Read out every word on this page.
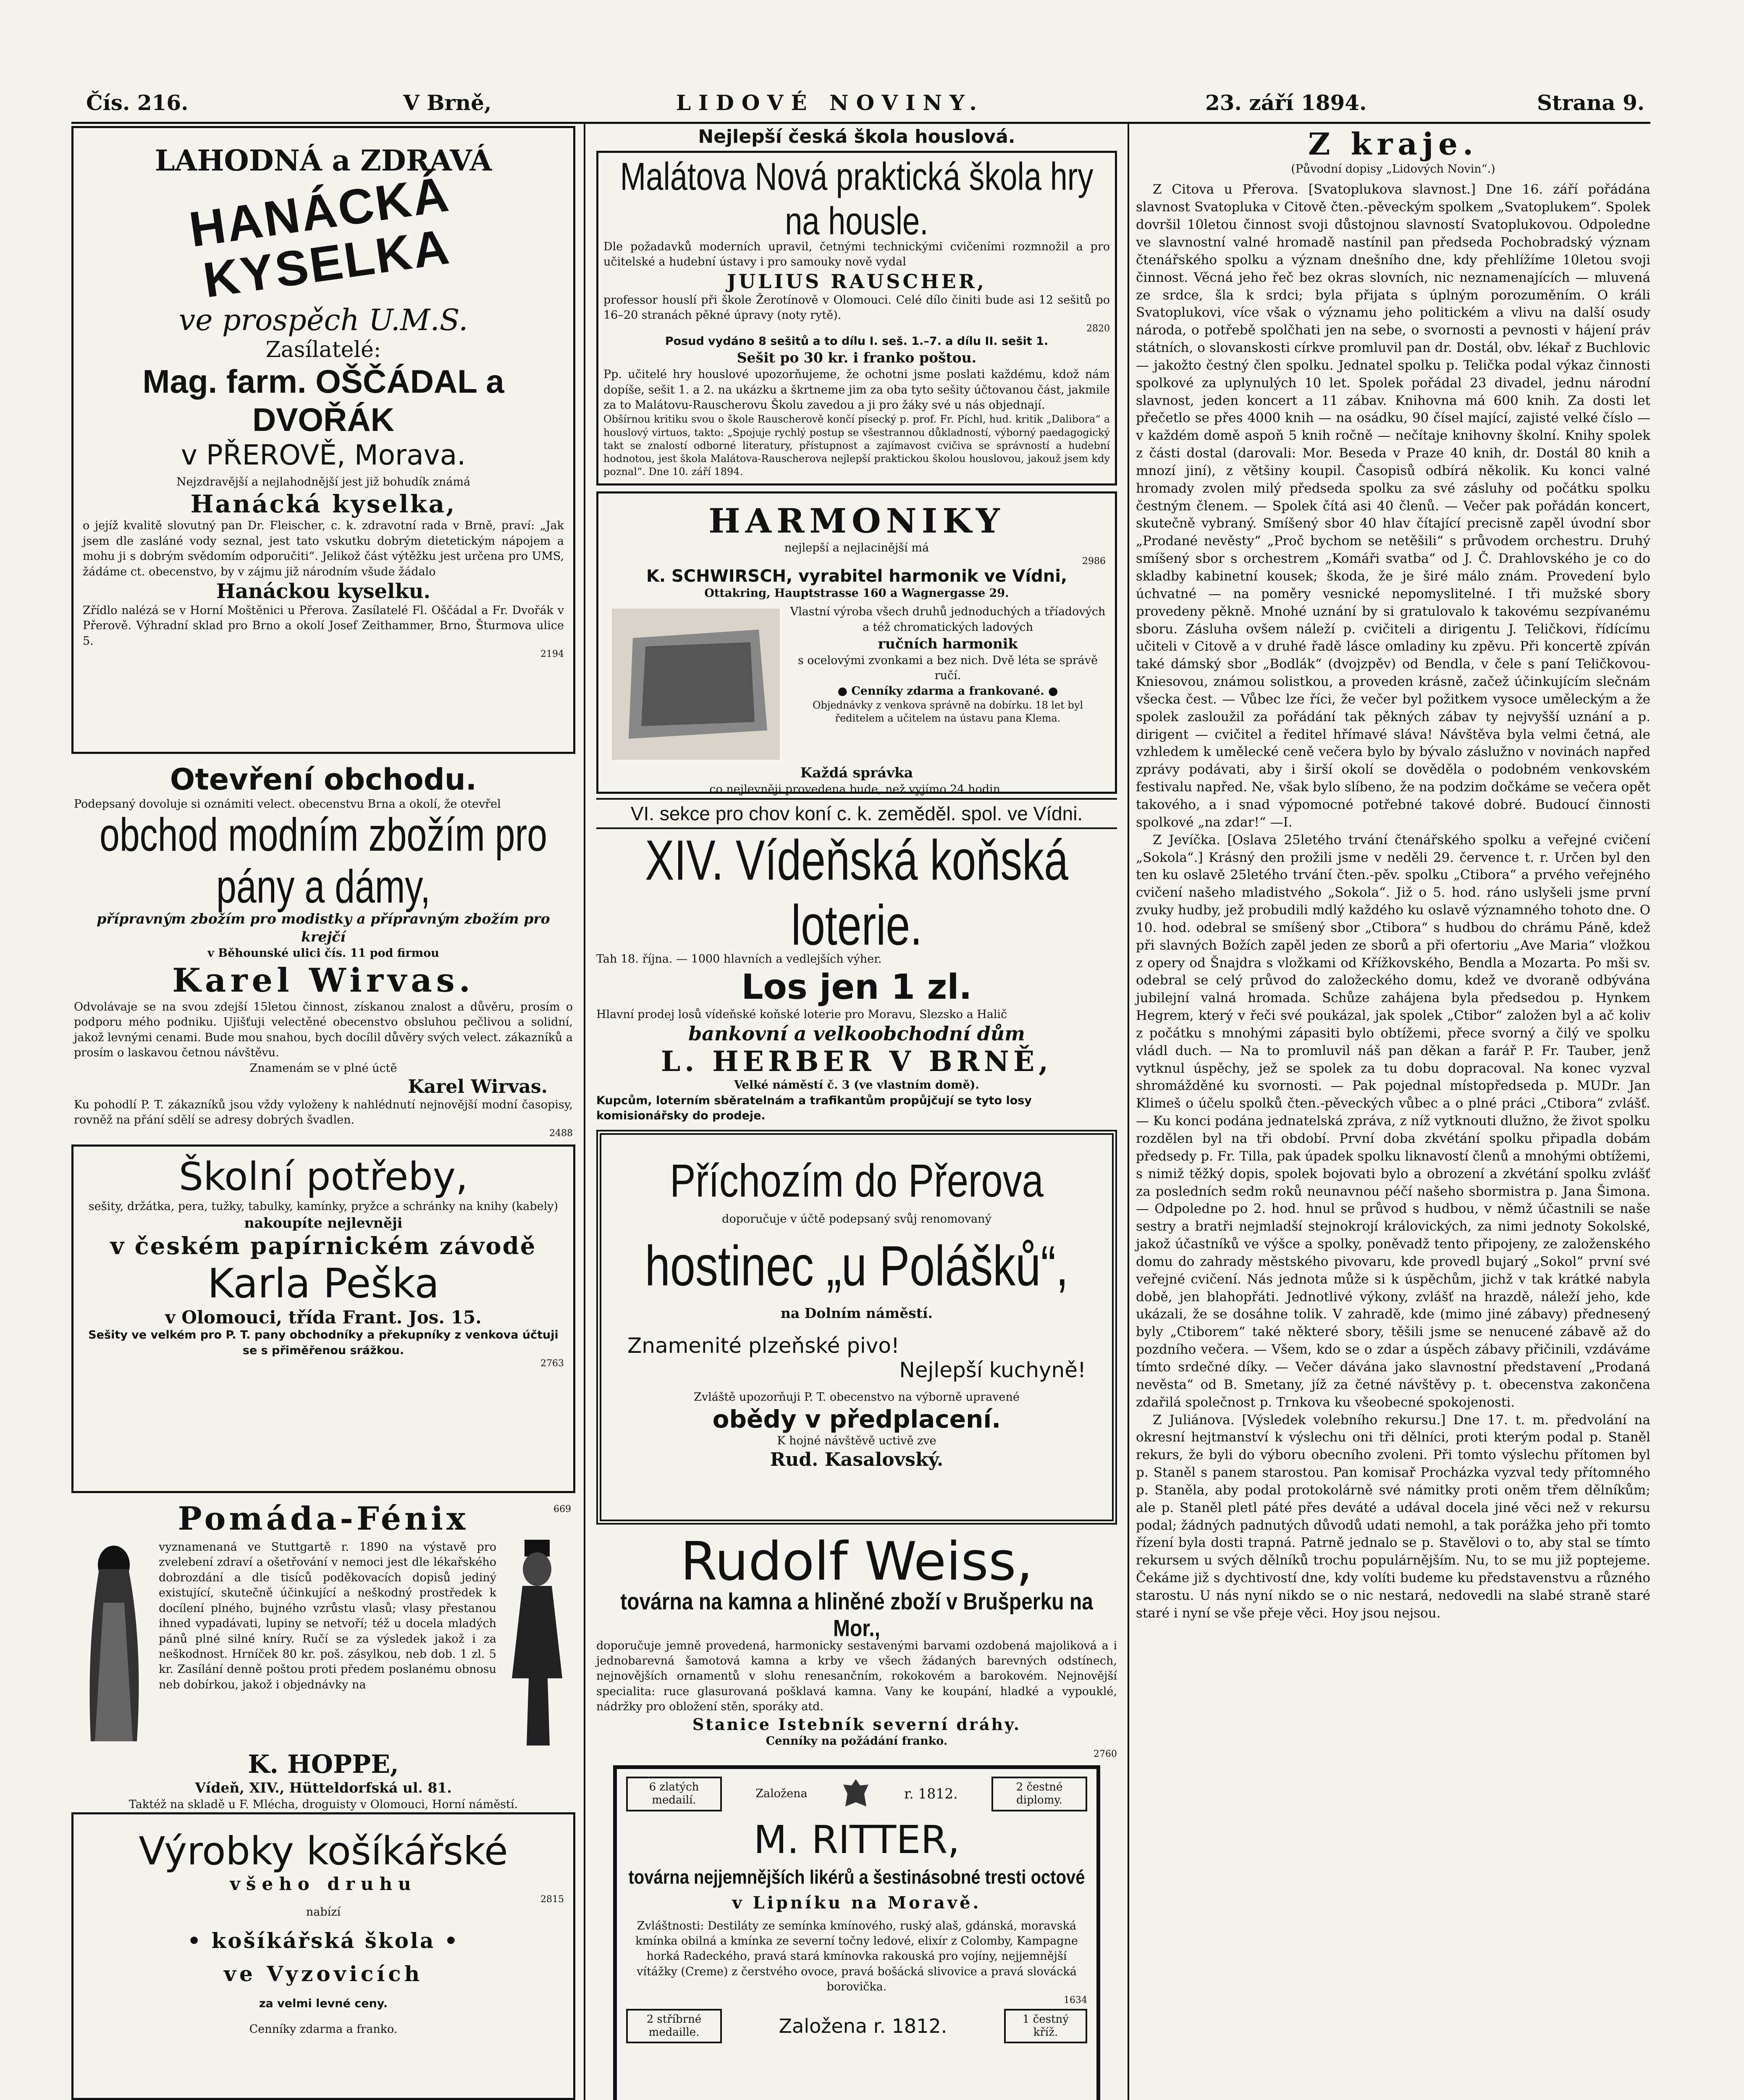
Čís. 216.	V Brně,	LIDOVÉ NOVINY.	23. září 1894.	Strana 9.
LAHODNÁ a ZDRAVÁ
HANÁCKÁ KYSELKA
ve prospěch U.M.S.
Zasílatelé:
Mag. farm. OŠČÁDAL a DVOŘÁK
v PŘEROVĚ, Morava.
Nejzdravější a nejlahodnější jest již bohudík známá
Hanácká kyselka,
o jejíž kvalitě slovutný pan Dr. Fleischer, c. k. zdravotní rada v Brně, praví: „Jak jsem dle zasláné vody seznal, jest tato vskutku dobrým dietetickým nápojem a mohu ji s dobrým svědomím odporučiti“. Jelikož část výtěžku jest určena pro UMS, žádáme ct. obecenstvo, by v zájmu již národním všude žádalo
Hanáckou kyselku.
Zřídlo nalézá se v Horní Moštěnici u Přerova. Zasílatelé Fl. Oščádal a Fr. Dvořák v Přerově. Výhradní sklad pro Brno a okolí Josef Zeithammer, Brno, Šturmova ulice 5.
2194
Otevření obchodu.
Podepsaný dovoluje si oznámiti velect. obecenstvu Brna a okolí, že otevřel
obchod modním zbožím pro pány a dámy,
přípravným zbožím pro modistky a přípravným zbožím pro krejčí
v Běhounské ulici čís. 11 pod firmou
Karel Wirvas.
Odvolávaje se na svou zdejší 15letou činnost, získanou znalost a důvěru, prosím o podporu mého podniku. Ujišťuji velectěné obecenstvo obsluhou pečlivou a solidní, jakož levnými cenami. Bude mou snahou, bych docílil důvěry svých velect. zákazníků a prosím o laskavou četnou návštěvu.
Znamenám se v plné úctě
Karel Wirvas.
Ku pohodlí P. T. zákazníků jsou vždy vyloženy k nahlédnutí nejnovější modní časopisy, rovněž na přání sdělí se adresy dobrých švadlen.
2488
Školní potřeby,
sešity, držátka, pera, tužky, tabulky, kamínky, pryžce a schránky na knihy (kabely)
nakoupíte nejlevněji
v českém papírnickém závodě
Karla Peška
v Olomouci, třída Frant. Jos. 15.
Sešity ve velkém pro P. T. pany obchodníky a překupníky z venkova účtuji se s přiměřenou srážkou.
2763
Pomáda-Fénix	669
vyznamenaná ve Stuttgartě r. 1890 na výstavě pro zvelebení zdraví a ošetřování v nemoci jest dle lékařského dobrozdání a dle tisíců poděkovacích dopisů jediný existující, skutečně účinkující a neškodný prostředek k docílení plného, bujného vzrůstu vlasů; vlasy přestanou ihned vypadávati, lupiny se netvoří; též u docela mladých pánů plné silné kníry. Ručí se za výsledek jakož i za neškodnost. Hrníček 80 kr. poš. zásylkou, neb dob. 1 zl. 5 kr. Zasílání denně poštou proti předem poslanému obnosu neb dobírkou, jakož i objednávky na
K. HOPPE,
Vídeň, XIV., Hütteldorfská ul. 81.
Taktéž na skladě u F. Mlécha, droguisty v Olomouci, Horní náměstí.
Výrobky košíkářské
všeho druhu
2815
nabízí
• košíkářská škola •
ve Vyzovicích
za velmi levné ceny.
Cenníky zdarma a franko.
Nejlepší česká škola houslová.
Malátova Nová praktická škola hry na housle.
Dle požadavků moderních upravil, četnými technickými cvičeními rozmnožil a pro učitelské a hudební ústavy i pro samouky nově vydal
JULIUS RAUSCHER,
professor houslí při škole Žerotínově v Olomouci. Celé dílo činiti bude asi 12 sešitů po 16–20 stranách pěkné úpravy (noty rytě).
2820
Posud vydáno 8 sešitů a to dílu I. seš. 1.–7. a dílu II. sešit 1.
Sešit po 30 kr. i franko poštou.
Pp. učitelé hry houslové upozorňujeme, že ochotni jsme poslati každému, kdož nám dopíše, sešit 1. a 2. na ukázku a škrtneme jim za oba tyto sešity účtovanou část, jakmile za to Malátovu-Rauscherovu Školu zavedou a ji pro žáky své u nás objednají.
Obšírnou kritiku svou o škole Rauscherově končí písecký p. prof. Fr. Píchl, hud. kritik „Dalibora“ a houslový virtuos, takto: „Spojuje rychlý postup se všestrannou důkladností, výborný paedagogický takt se znalostí odborné literatury, přístupnost a zajímavost cvičiva se správností a hudební hodnotou, jest škola Malátova-Rauscherova nejlepší praktickou školou houslovou, jakouž jsem kdy poznal“. Dne 10. září 1894.
HARMONIKY
nejlepší a nejlacinější má
2986
K. SCHWIRSCH, vyrabitel harmonik ve Vídni,
Ottakring, Hauptstrasse 160 a Wagnergasse 29.
Vlastní výroba všech druhů jednoduchých a tříadových a též chromatických ladových
ručních harmonik
s ocelovými zvonkami a bez nich. Dvě léta se správě ručí.
● Cenníky zdarma a frankované. ●
Objednávky z venkova správně na dobírku. 18 let byl ředitelem a učitelem na ústavu pana Klema.
Každá správka
co nejlevněji provedena bude, než vyjímo 24 hodin.
VI. sekce pro chov koní c. k. zeměděl. spol. ve Vídni.
XIV. Vídeňská koňská loterie.
Tah 18. října. — 1000 hlavních a vedlejších výher.
Los jen 1 zl.
Hlavní prodej losů vídeňské koňské loterie pro Moravu, Slezsko a Halič
bankovní a velkoobchodní dům
L. HERBER V BRNĚ,
Velké náměstí č. 3 (ve vlastním domě).
Kupcům, loterním sběratelnám a trafikantům propůjčují se tyto losy komisionářsky do prodeje.
Příchozím do Přerova
doporučuje v účtě podepsaný svůj renomovaný
hostinec „u Polášků“,
na Dolním náměstí.
Znamenité plzeňské pivo!
Nejlepší kuchyně!
Zvláště upozorňuji P. T. obecenstvo na výborně upravené
obědy v předplacení.
K hojné návštěvě uctivě zve
Rud. Kasalovský.
Rudolf Weiss,
továrna na kamna a hliněné zboží v Brušperku na Mor.,
doporučuje jemně provedená, harmonicky sestavenými barvami ozdobená majoliková a i jednobarevná šamotová kamna a krby ve všech žádaných barevných odstínech, nejnovějších ornamentů v slohu renesančním, rokokovém a barokovém. Nejnovější specialita: ruce glasurovaná pošklavá kamna. Vany ke koupání, hladké a vypouklé, nádržky pro obložení stěn, sporáky atd.
Stanice Istebník severní dráhy.
Cenníky na požádání franko.
2760
6 zlatých medailí.
Založena	r. 1812.	2 čestné diplomy.
M. RITTER,
továrna nejjemnějších likérů a šestinásobné tresti octové
v Lipníku na Moravě.
Zvláštnosti: Destiláty ze semínka kmínového, ruský alaš, gdánská, moravská kmínka obilná a kmínka ze severní točny ledové, elixír z Colomby, Kampagne horká Radeckého, pravá stará kmínovka rakouská pro vojíny, nejjemnější vítážky (Creme) z čerstvého ovoce, pravá bošácká slivovice a pravá slovácká borovička.
1634
2 stříbrné medaille.	Založena r. 1812.	1 čestný kříž.
Z kraje.
(Původní dopisy „Lidových Novin“.)

Z Citova u Přerova. [Svatoplukova slavnost.] Dne 16. září pořádána slavnost Svatopluka v Citově čten.-pěveckým spolkem „Svatoplukem“. Spolek dovršil 10letou činnost svoji důstojnou slavností Svatoplukovou. Odpoledne ve slavnostní valné hromadě nastínil pan předseda Pochobradský význam čtenářského spolku a význam dnešního dne, kdy přehlížíme 10letou svoji činnost. Věcná jeho řeč bez okras slovních, nic neznamenajících — mluvená ze srdce, šla k srdci; byla přijata s úplným porozuměním. O králi Svatoplukovi, více však o významu jeho politickém a vlivu na další osudy národa, o potřebě spolčhati jen na sebe, o svornosti a pevnosti v hájení práv státních, o slovanskosti církve promluvil pan dr. Dostál, obv. lékař z Buchlovic — jakožto čestný člen spolku. Jednatel spolku p. Telička podal výkaz činnosti spolkové za uplynulých 10 let. Spolek pořádal 23 divadel, jednu národní slavnost, jeden koncert a 11 zábav. Knihovna má 600 knih. Za dosti let přečetlo se přes 4000 knih — na osádku, 90 čísel mající, zajisté velké číslo — v každém domě aspoň 5 knih ročně — nečítaje knihovny školní. Knihy spolek z části dostal (darovali: Mor. Beseda v Praze 40 knih, dr. Dostál 80 knih a mnozí jiní), z většiny koupil. Časopisů odbírá několik. Ku konci valné hromady zvolen milý předseda spolku za své zásluhy od počátku spolku čestným členem. — Spolek čítá asi 40 členů. — Večer pak pořádán koncert, skutečně vybraný. Smíšený sbor 40 hlav čítající precisně zapěl úvodní sbor „Prodané nevěsty“ „Proč bychom se netěšili“ s průvodem orchestru. Druhý smíšený sbor s orchestrem „Komáři svatba“ od J. Č. Drahlovského je co do skladby kabinetní kousek; škoda, že je širé málo znám. Provedení bylo úchvatné — na poměry vesnické nepomyslitelné. I tři mužské sbory provedeny pěkně. Mnohé uznání by si gratulovalo k takovému sezpívanému sboru. Zásluha ovšem náleží p. cvičiteli a dirigentu J. Teličkovi, řídícímu učiteli v Citově a v druhé řadě lásce omladiny ku zpěvu. Při koncertě zpíván také dámský sbor „Bodlák“ (dvojzpěv) od Bendla, v čele s paní Teličkovou-Kniesovou, známou solistkou, a proveden krásně, začež účinkujícím slečnám všecka čest. — Vůbec lze říci, že večer byl požitkem vysoce uměleckým a že spolek zasloužil za pořádání tak pěkných zábav ty nejvyšší uznání a p. dirigent — cvičitel a ředitel hřímavé sláva! Návštěva byla velmi četná, ale vzhledem k umělecké ceně večera bylo by bývalo záslužno v novinách napřed zprávy podávati, aby i širší okolí se dověděla o podobném venkovském festivalu napřed. Ne, však bylo slíbeno, že na podzim dočkáme se večera opět takového, a i snad výpomocné potřebné takové dobré. Budoucí činnosti spolkové „na zdar!“ —I.

Z Jevíčka. [Oslava 25letého trvání čtenářského spolku a veřejné cvičení „Sokola“.] Krásný den prožili jsme v neděli 29. července t. r. Určen byl den ten ku oslavě 25letého trvání čten.-pěv. spolku „Ctibora“ a prvého veřejného cvičení našeho mladistvého „Sokola“. Již o 5. hod. ráno uslyšeli jsme první zvuky hudby, jež probudili mdlý každého ku oslavě významného tohoto dne. O 10. hod. odebral se smíšený sbor „Ctibora“ s hudbou do chrámu Páně, kdež při slavných Božích zapěl jeden ze sborů a při ofertoriu „Ave Maria“ vložkou z opery od Šnajdra s vložkami od Křížkovského, Bendla a Mozarta. Po mši sv. odebral se celý průvod do založeckého domu, kdež ve dvoraně odbývána jubilejní valná hromada. Schůze zahájena byla předsedou p. Hynkem Hegrem, který v řeči své poukázal, jak spolek „Ctibor“ založen byl a ač koliv z počátku s mnohými zápasiti bylo obtížemi, přece svorný a čilý ve spolku vládl duch. — Na to promluvil náš pan děkan a farář P. Fr. Tauber, jenž vytknul úspěchy, jež se spolek za tu dobu dopracoval. Na konec vyzval shromážděné ku svornosti. — Pak pojednal místopředseda p. MUDr. Jan Klimeš o účelu spolků čten.-pěveckých vůbec a o plné práci „Ctibora“ zvlášť. — Ku konci podána jednatelská zpráva, z níž vytknouti dlužno, že život spolku rozdělen byl na tři období. První doba zkvétání spolku připadla dobám předsedy p. Fr. Tilla, pak úpadek spolku liknavostí členů a mnohými obtížemi, s nimiž těžký dopis, spolek bojovati bylo a obrození a zkvétání spolku zvlášť za posledních sedm roků neunavnou péčí našeho sbormistra p. Jana Šimona. — Odpoledne po 2. hod. hnul se průvod s hudbou, v němž účastnili se naše sestry a bratři nejmladší stejnokrojí královických, za nimi jednoty Sokolské, jakož účastníků ve výšce a spolky, poněvadž tento připojeny, ze založenského domu do zahrady městského pivovaru, kde provedl bujarý „Sokol“ první své veřejné cvičení. Nás jednota může si k úspěchům, jichž v tak krátké nabyla době, jen blahopřáti. Jednotlivé výkony, zvlášť na hrazdě, náleží jeho, kde ukázali, že se dosáhne tolik. V zahradě, kde (mimo jiné zábavy) přednesený byly „Ctiborem“ také některé sbory, těšili jsme se nenucené zábavě až do pozdního večera. — Všem, kdo se o zdar a úspěch zábavy přičinili, vzdáváme tímto srdečné díky. — Večer dávána jako slavnostní představení „Prodaná nevěsta“ od B. Smetany, jíž za četné návštěvy p. t. obecenstva zakončena zdařilá společnost p. Trnkova ku všeobecné spokojenosti.

Z Juliánova. [Výsledek volebního rekursu.] Dne 17. t. m. předvolání na okresní hejtmanství k výslechu oni tři dělníci, proti kterým podal p. Staněl rekurs, že byli do výboru obecního zvoleni. Při tomto výslechu přítomen byl p. Staněl s panem starostou. Pan komisař Procházka vyzval tedy přítomného p. Staněla, aby podal protokolárně své námitky proti oněm třem dělníkům; ale p. Staněl pletl páté přes deváté a udával docela jiné věci než v rekursu podal; žádných padnutých důvodů udati nemohl, a tak porážka jeho při tomto řízení byla dosti trapná. Patrně jednalo se p. Stavělovi o to, aby stal se tímto rekursem u svých dělníků trochu populárnějším. Nu, to se mu již poptejeme. Čekáme již s dychtivostí dne, kdy volíti budeme ku představenstvu a různého starostu. U nás nyní nikdo se o nic nestará, nedovedli na slabé straně staré staré i nyní se vše přeje věci. Hoy jsou nejsou.
